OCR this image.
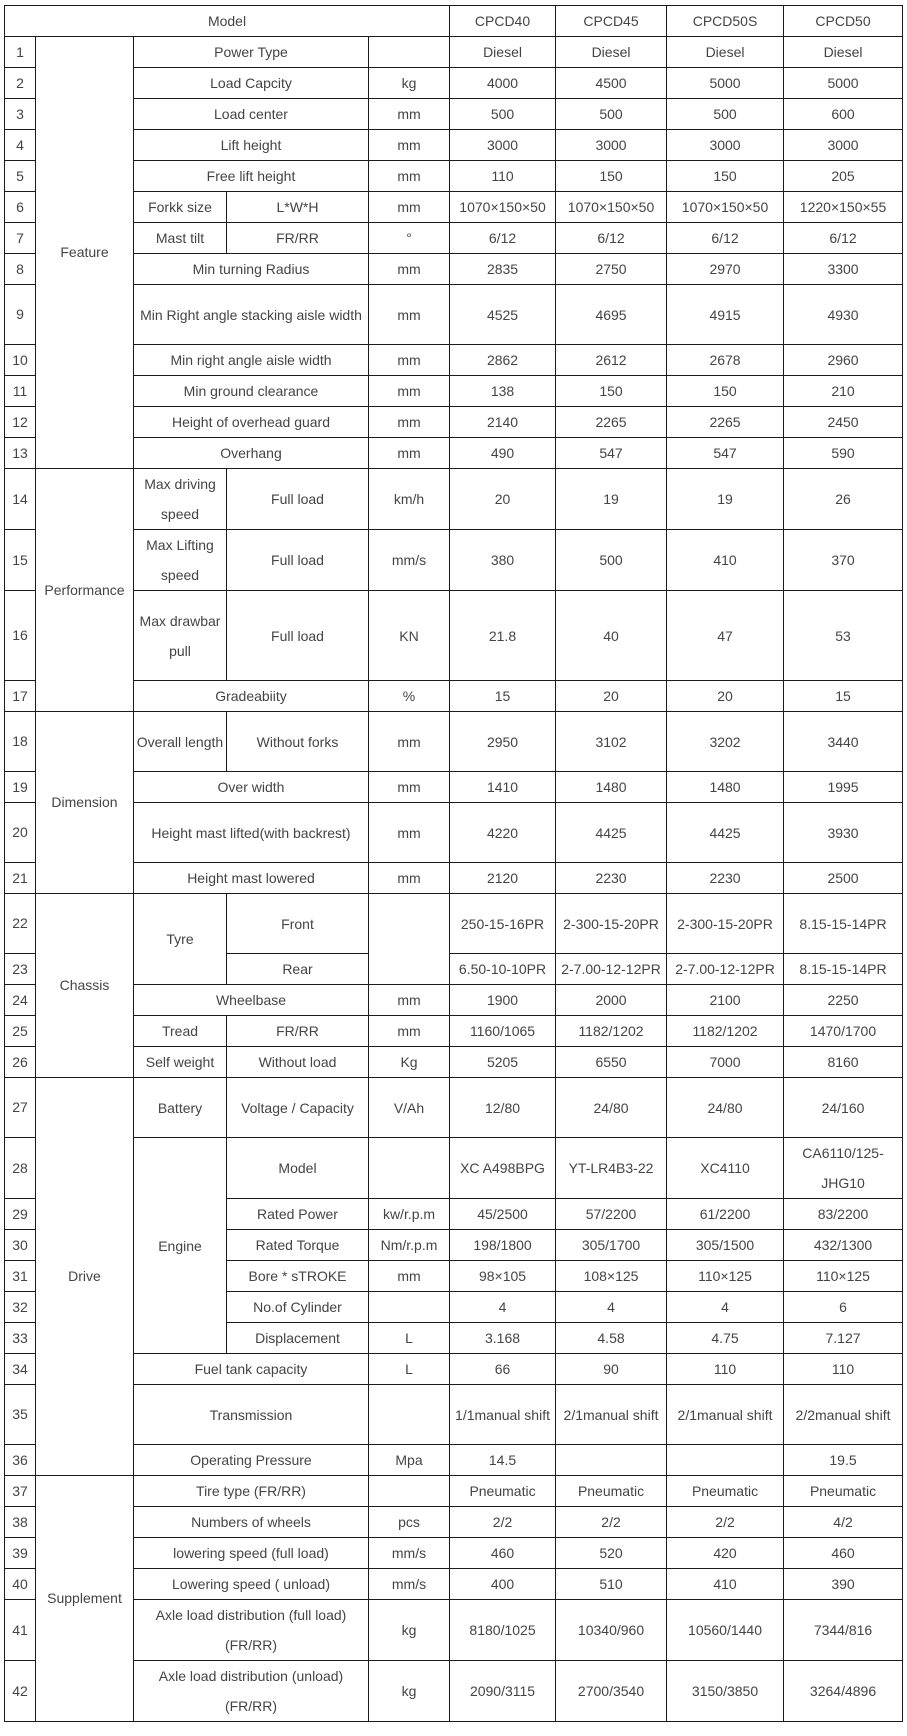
Model					CPCD40	CPCD45	CPCD50S	CPCD50
1	Feature	Power Type			Diesel	Diesel	Diesel	Diesel
2		Load Capcity		kg	4000	4500	5000	5000
3		Load center		mm	500	500	500	600
4		Lift height		mm	3000	3000	3000	3000
5		Free lift height		mm	110	150	150	205
6		Forkk size	L*W*H	mm	1070×150×50	1070×150×50	1070×150×50	1220×150×55
7		Mast tilt	FR/RR	°	6/12	6/12	6/12	6/12
8		Min turning Radius		mm	2835	2750	2970	3300
9		Min Right angle stacking aisle width		mm	4525	4695	4915	4930
10		Min right angle aisle width		mm	2862	2612	2678	2960
11		Min ground clearance		mm	138	150	150	210
12		Height of overhead guard		mm	2140	2265	2265	2450
13		Overhang		mm	490	547	547	590
14	Performance	Max driving speed	Full load	km/h	20	19	19	26
15		Max Lifting speed	Full load	mm/s	380	500	410	370
16		Max drawbar pull	Full load	KN	21.8	40	47	53
17		Gradeabiity		%	15	20	20	15
18	Dimension	Overall length	Without forks	mm	2950	3102	3202	3440
19		Over width		mm	1410	1480	1480	1995
20		Height mast lifted(with backrest)		mm	4220	4425	4425	3930
21		Height mast lowered		mm	2120	2230	2230	2500
22	Chassis	Tyre	Front		250-15-16PR	2-300-15-20PR	2-300-15-20PR	8.15-15-14PR
23			Rear		6.50-10-10PR	2-7.00-12-12PR	2-7.00-12-12PR	8.15-15-14PR
24		Wheelbase		mm	1900	2000	2100	2250
25		Tread	FR/RR	mm	1160/1065	1182/1202	1182/1202	1470/1700
26		Self weight	Without load	Kg	5205	6550	7000	8160
27	Drive	Battery	Voltage / Capacity	V/Ah	12/80	24/80	24/80	24/160
28		Engine	Model		XC A498BPG	YT-LR4B3-22	XC4110	CA6110/125-JHG10
29			Rated Power	kw/r.p.m	45/2500	57/2200	61/2200	83/2200
30			Rated Torque	Nm/r.p.m	198/1800	305/1700	305/1500	432/1300
31			Bore * sTROKE	mm	98×105	108×125	110×125	110×125
32			No.of Cylinder		4	4	4	6
33			Displacement	L	3.168	4.58	4.75	7.127
34		Fuel tank capacity		L	66	90	110	110
35		Transmission			1/1manual shift	2/1manual shift	2/1manual shift	2/2manual shift
36		Operating Pressure		Mpa	14.5			19.5
37	Supplement	Tire type (FR/RR)			Pneumatic	Pneumatic	Pneumatic	Pneumatic
38		Numbers of wheels		pcs	2/2	2/2	2/2	4/2
39		lowering speed (full load)		mm/s	460	520	420	460
40		Lowering speed ( unload)		mm/s	400	510	410	390
41		Axle load distribution (full load) (FR/RR)		kg	8180/1025	10340/960	10560/1440	7344/816
42		Axle load distribution (unload) (FR/RR)		kg	2090/3115	2700/3540	3150/3850	3264/4896
